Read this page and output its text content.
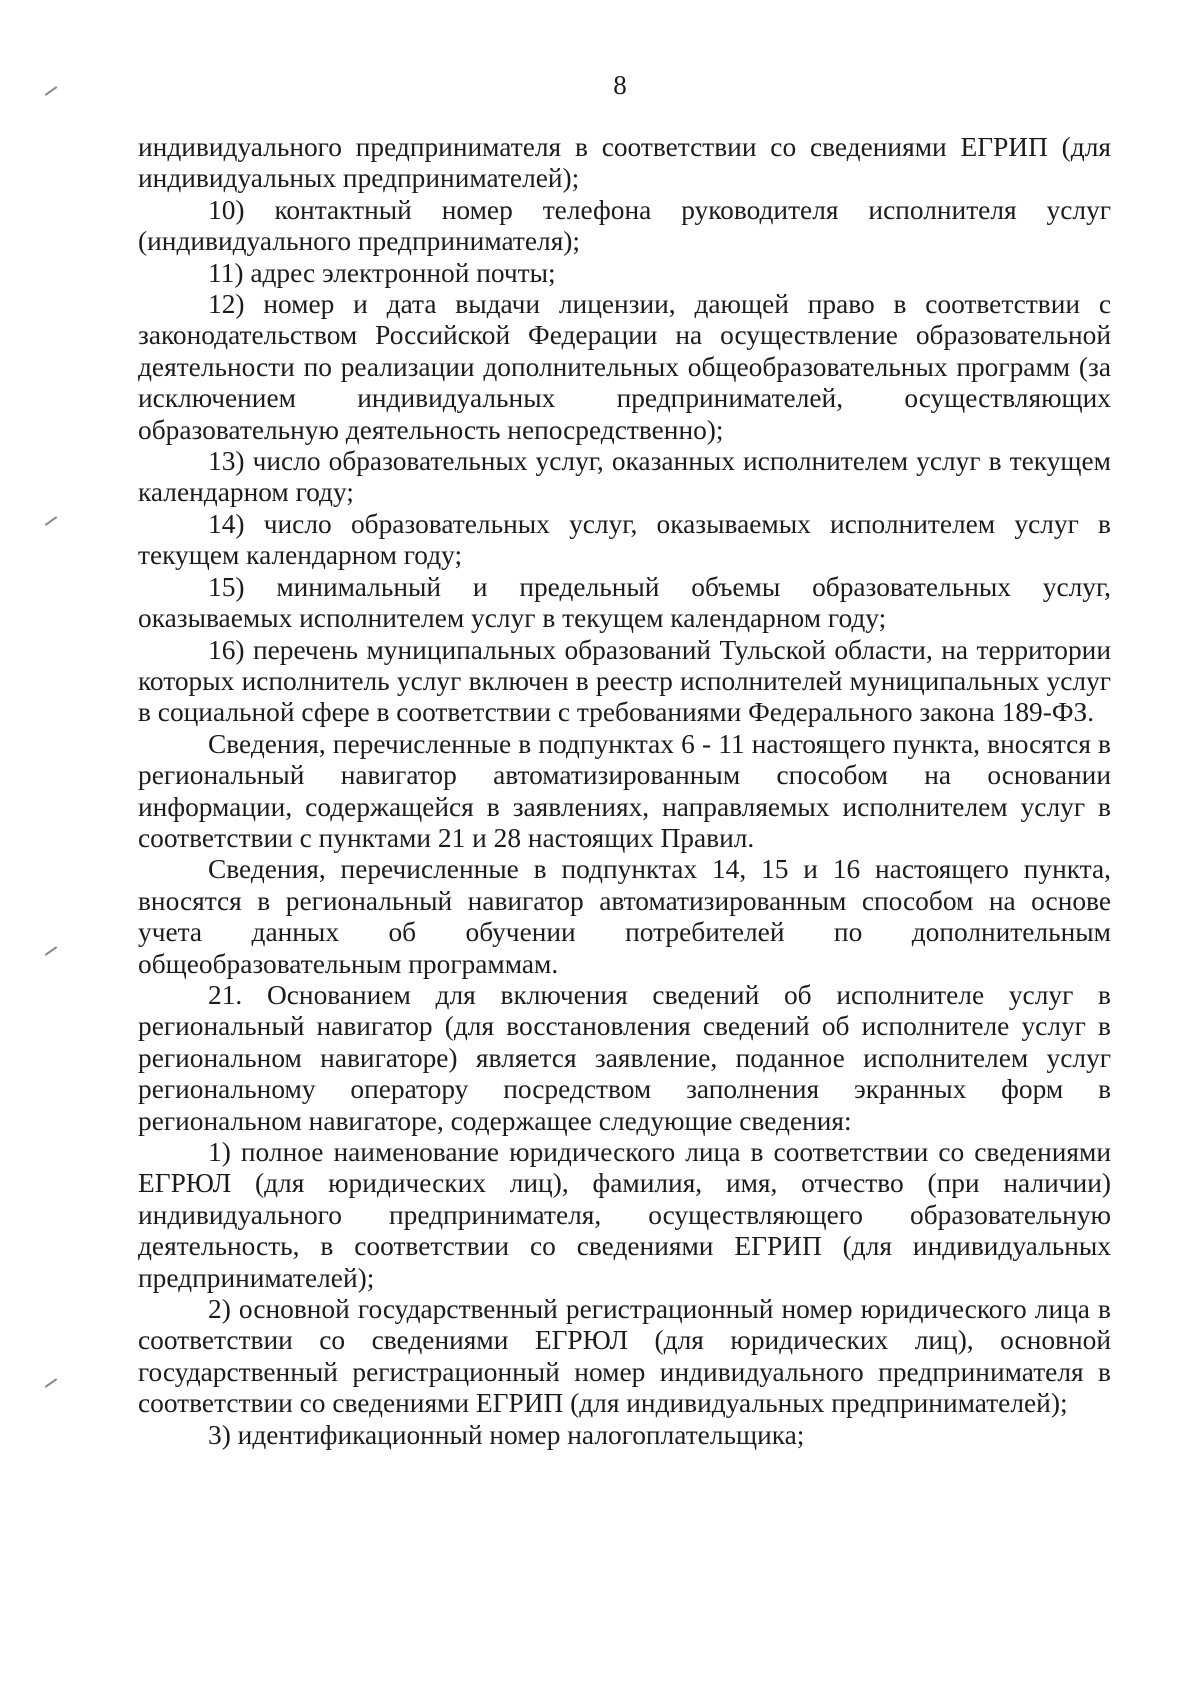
8

индивидуального предпринимателя в соответствии со сведениями ЕГРИП (для индивидуальных предпринимателей);

10) контактный номер телефона руководителя исполнителя услуг (индивидуального предпринимателя);

11) адрес электронной почты;

12) номер и дата выдачи лицензии, дающей право в соответствии с законодательством Российской Федерации на осуществление образовательной деятельности по реализации дополнительных общеобразовательных программ (за исключением индивидуальных предпринимателей, осуществляющих образовательную деятельность непосредственно);

13) число образовательных услуг, оказанных исполнителем услуг в текущем календарном году;

14) число образовательных услуг, оказываемых исполнителем услуг в текущем календарном году;

15) минимальный и предельный объемы образовательных услуг, оказываемых исполнителем услуг в текущем календарном году;

16) перечень муниципальных образований Тульской области, на территории которых исполнитель услуг включен в реестр исполнителей муниципальных услуг в социальной сфере в соответствии с требованиями Федерального закона 189-ФЗ.

Сведения, перечисленные в подпунктах 6 - 11 настоящего пункта, вносятся в региональный навигатор автоматизированным способом на основании информации, содержащейся в заявлениях, направляемых исполнителем услуг в соответствии с пунктами 21 и 28 настоящих Правил.

Сведения, перечисленные в подпунктах 14, 15 и 16 настоящего пункта, вносятся в региональный навигатор автоматизированным способом на основе учета данных об обучении потребителей по дополнительным общеобразовательным программам.

21. Основанием для включения сведений об исполнителе услуг в региональный навигатор (для восстановления сведений об исполнителе услуг в региональном навигаторе) является заявление, поданное исполнителем услуг региональному оператору посредством заполнения экранных форм в региональном навигаторе, содержащее следующие сведения:

1) полное наименование юридического лица в соответствии со сведениями ЕГРЮЛ (для юридических лиц), фамилия, имя, отчество (при наличии) индивидуального предпринимателя, осуществляющего образовательную деятельность, в соответствии со сведениями ЕГРИП (для индивидуальных предпринимателей);

2) основной государственный регистрационный номер юридического лица в соответствии со сведениями ЕГРЮЛ (для юридических лиц), основной государственный регистрационный номер индивидуального предпринимателя в соответствии со сведениями ЕГРИП (для индивидуальных предпринимателей);

3) идентификационный номер налогоплательщика;
